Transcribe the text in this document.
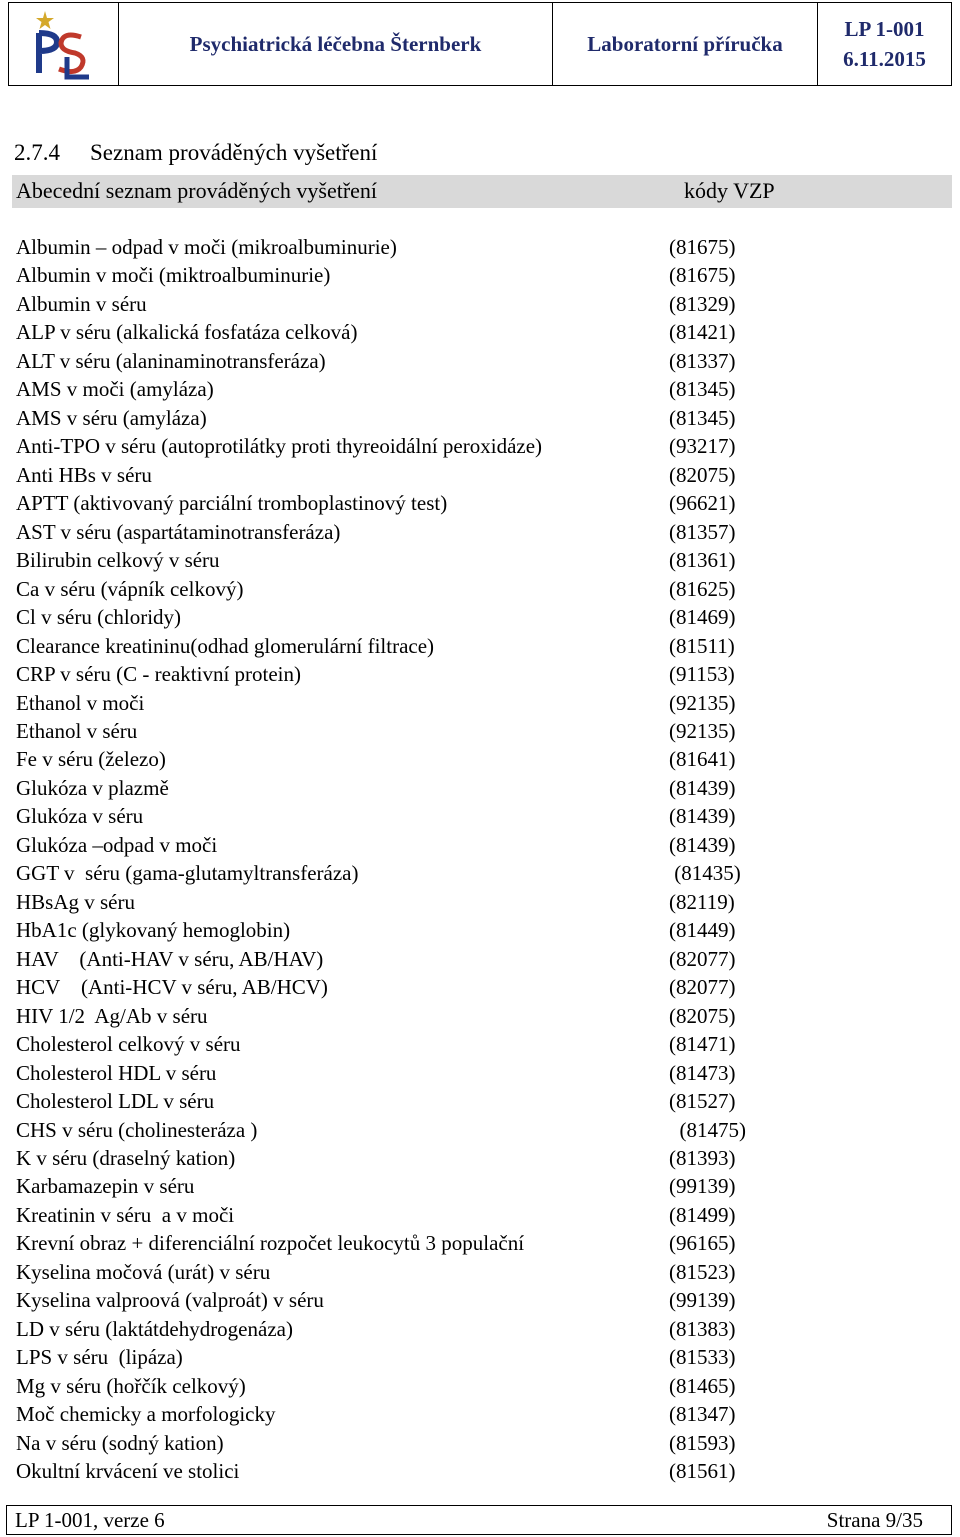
Psychiatrická léčebna Šternberk	Laboratorní příručka
LP 1-001
6.11.2015
2.7.4 Seznam prováděných vyšetření
Abecední seznam prováděných vyšetření	kódy VZP
Albumin – odpad v moči (mikroalbuminurie)	(81675)
Albumin v moči (miktroalbuminurie)	(81675)
Albumin v séru	(81329)
ALP v séru (alkalická fosfatáza celková)	(81421)
ALT v séru (alaninaminotransferáza)	(81337)
AMS v moči (amyláza)	(81345)
AMS v séru (amyláza)	(81345)
Anti-TPO v séru (autoprotilátky proti thyreoidální peroxidáze)	(93217)
Anti HBs v séru	(82075)
APTT (aktivovaný parciální tromboplastinový test)	(96621)
AST v séru (aspartátaminotransferáza)	(81357)
Bilirubin celkový v séru	(81361)
Ca v séru (vápník celkový)	(81625)
Cl v séru (chloridy)	(81469)
Clearance kreatininu(odhad glomerulární filtrace)	(81511)
CRP v séru (C - reaktivní protein)	(91153)
Ethanol v moči	(92135)
Ethanol v séru	(92135)
Fe v séru (železo)	(81641)
Glukóza v plazmě	(81439)
Glukóza v séru	(81439)
Glukóza –odpad v moči	(81439)
GGT v  séru (gama-glutamyltransferáza)	(81435)
HBsAg v séru	(82119)
HbA1c (glykovaný hemoglobin)	(81449)
HAV    (Anti-HAV v séru, AB/HAV)	(82077)
HCV    (Anti-HCV v séru, AB/HCV)	(82077)
HIV 1/2  Ag/Ab v séru	(82075)
Cholesterol celkový v séru	(81471)
Cholesterol HDL v séru	(81473)
Cholesterol LDL v séru	(81527)
CHS v séru (cholinesteráza )	(81475)
K v séru (draselný kation)	(81393)
Karbamazepin v séru	(99139)
Kreatinin v séru  a v moči	(81499)
Krevní obraz + diferenciální rozpočet leukocytů 3 populační	(96165)
Kyselina močová (urát) v séru	(81523)
Kyselina valproová (valproát) v séru	(99139)
LD v séru (laktátdehydrogenáza)	(81383)
LPS v séru  (lipáza)	(81533)
Mg v séru (hořčík celkový)	(81465)
Moč chemicky a morfologicky	(81347)
Na v séru (sodný kation)	(81593)
Okultní krvácení ve stolici	(81561)
LP 1-001, verze 6	Strana 9/35
